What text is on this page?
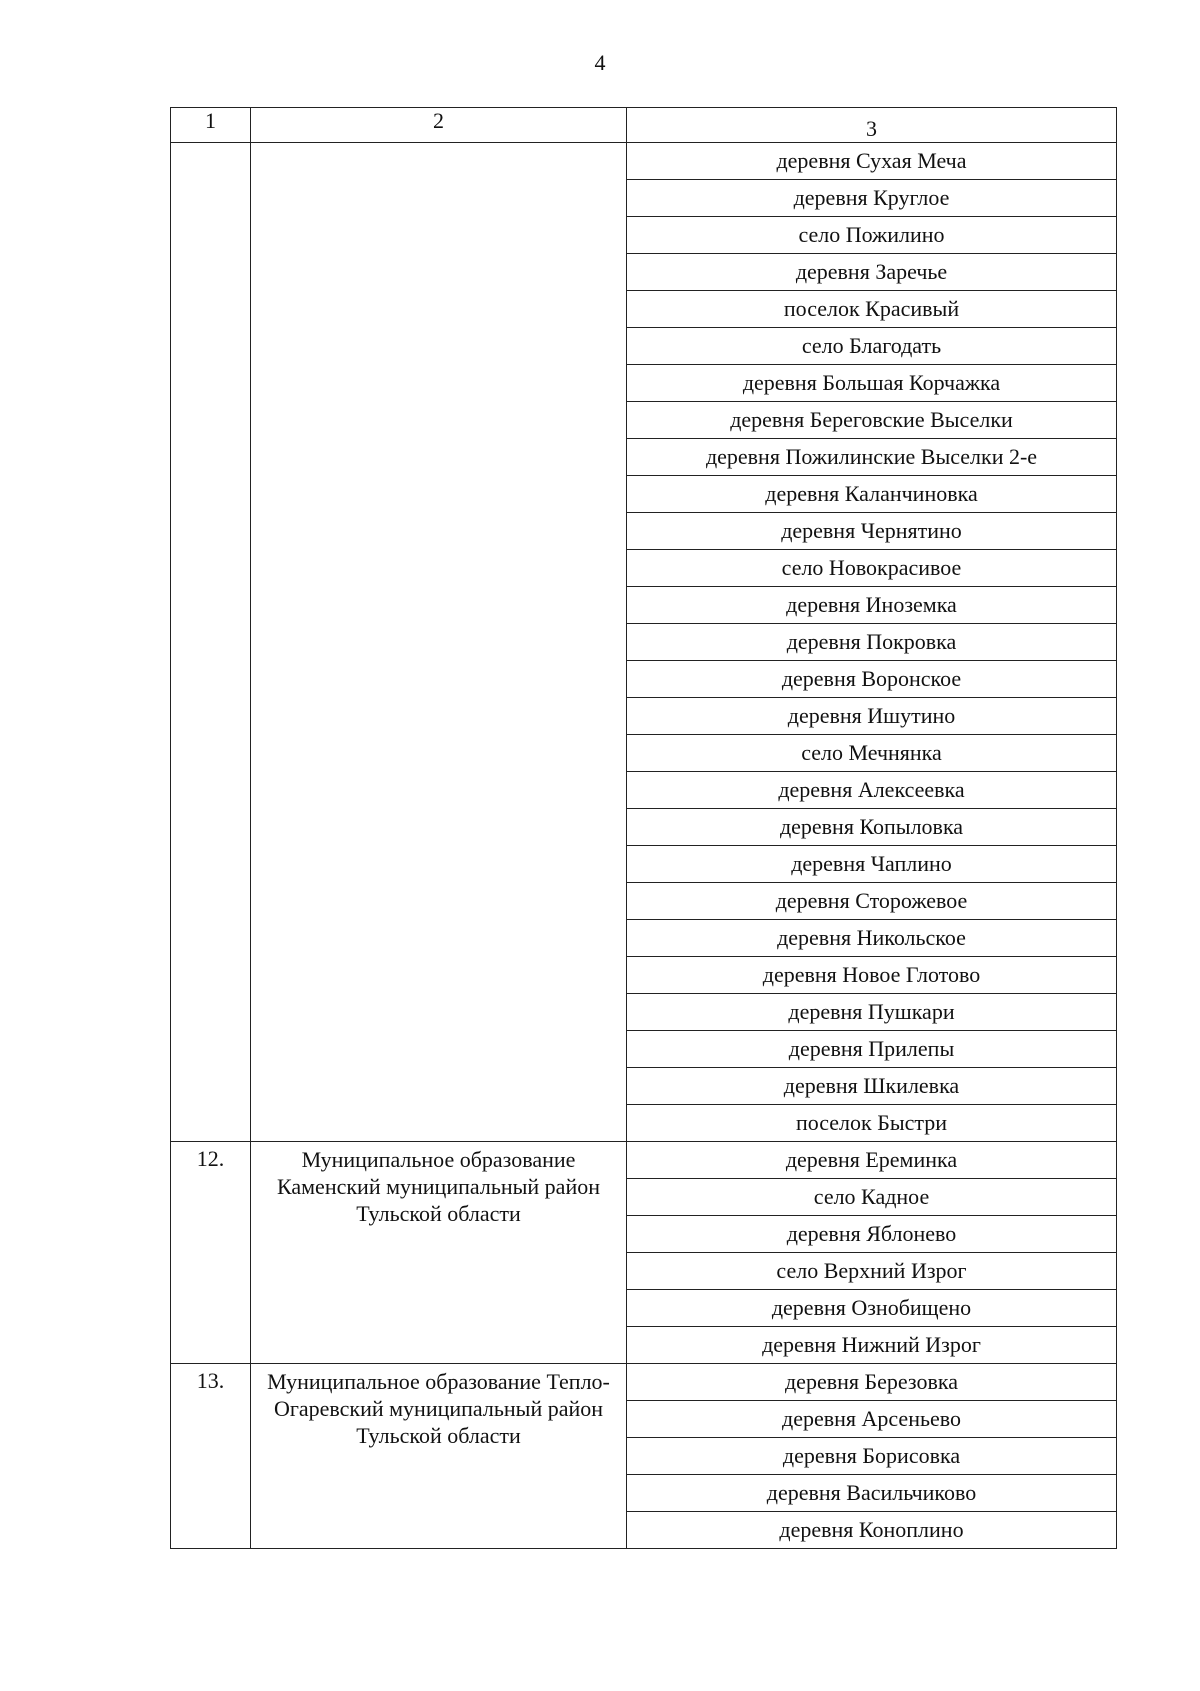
4
1	2	3
		деревня Сухая Меча
		деревня Круглое
		село Пожилино
		деревня Заречье
		поселок Красивый
		село Благодать
		деревня Большая Корчажка
		деревня Береговские Выселки
		деревня Пожилинские Выселки 2-е
		деревня Каланчиновка
		деревня Чернятино
		село Новокрасивое
		деревня Иноземка
		деревня Покровка
		деревня Воронское
		деревня Ишутино
		село Мечнянка
		деревня Алексеевка
		деревня Копыловка
		деревня Чаплино
		деревня Сторожевое
		деревня Никольское
		деревня Новое Глотово
		деревня Пушкари
		деревня Прилепы
		деревня Шкилевка
		поселок Быстри
12.	Муниципальное образование Каменский муниципальный район Тульской области	деревня Ереминка
		село Кадное
		деревня Яблонево
		село Верхний Изрог
		деревня Ознобищено
		деревня Нижний Изрог
13.	Муниципальное образование Тепло-Огаревский муниципальный район Тульской области	деревня Березовка
		деревня Арсеньево
		деревня Борисовка
		деревня Васильчиково
		деревня Коноплино
